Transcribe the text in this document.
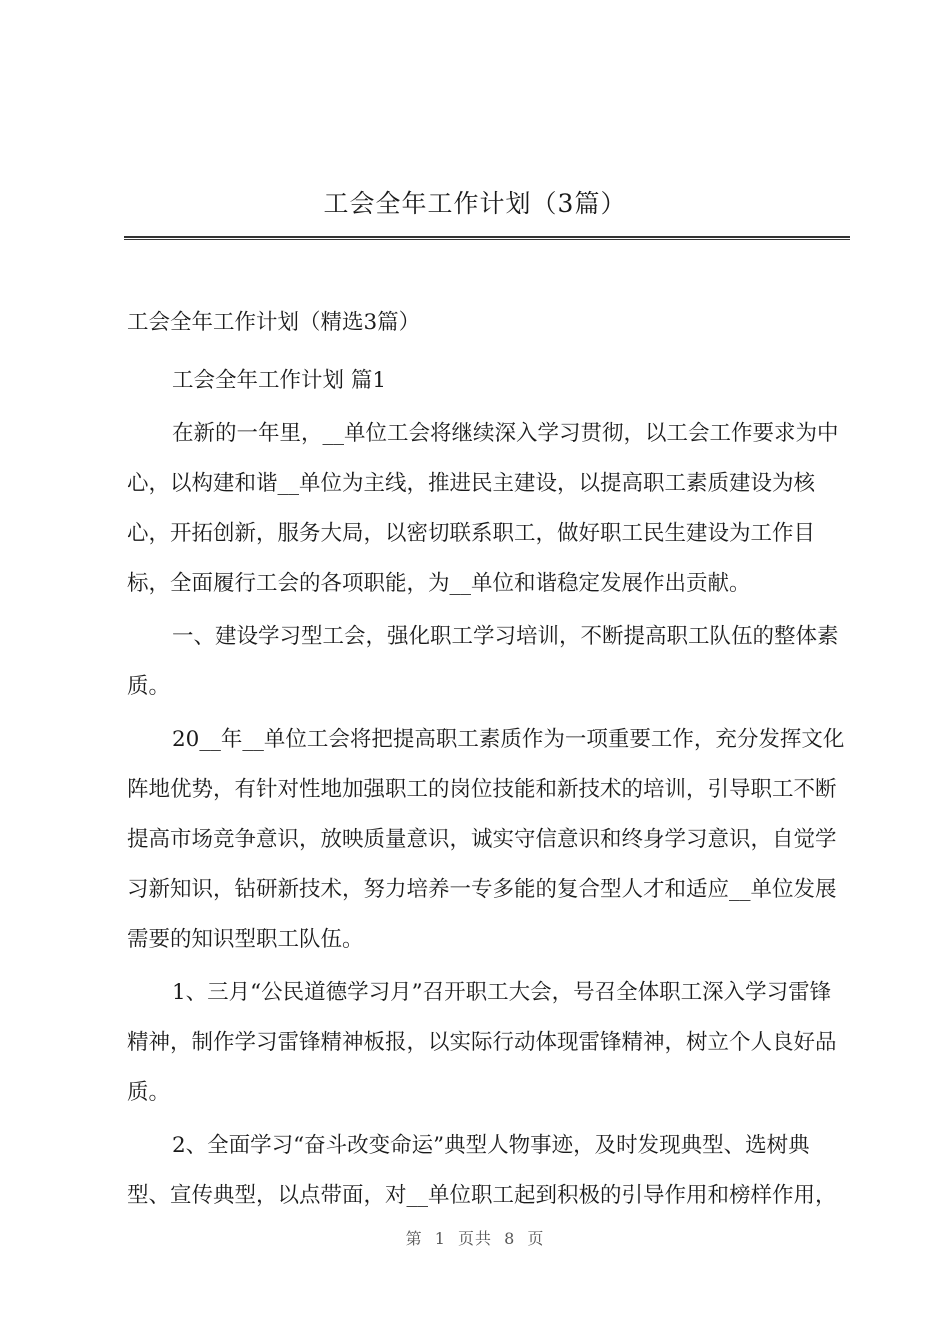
工会全年工作计划（3篇）

工会全年工作计划（精选3篇）

工会全年工作计划 篇1

在新的一年里，__单位工会将继续深入学习贯彻，以工会工作要求为中心，以构建和谐__单位为主线，推进民主建设，以提高职工素质建设为核心，开拓创新，服务大局，以密切联系职工，做好职工民生建设为工作目标，全面履行工会的各项职能，为__单位和谐稳定发展作出贡献。

一、建设学习型工会，强化职工学习培训，不断提高职工队伍的整体素质。

20__年__单位工会将把提高职工素质作为一项重要工作，充分发挥文化阵地优势，有针对性地加强职工的岗位技能和新技术的培训，引导职工不断提高市场竞争意识，放映质量意识，诚实守信意识和终身学习意识，自觉学习新知识，钻研新技术，努力培养一专多能的复合型人才和适应__单位发展需要的知识型职工队伍。

1、三月“公民道德学习月”召开职工大会，号召全体职工深入学习雷锋精神，制作学习雷锋精神板报，以实际行动体现雷锋精神，树立个人良好品质。

2、全面学习“奋斗改变命运”典型人物事迹，及时发现典型、选树典型、宣传典型，以点带面，对__单位职工起到积极的引导作用和榜样作用，

第 1 页共 8 页
